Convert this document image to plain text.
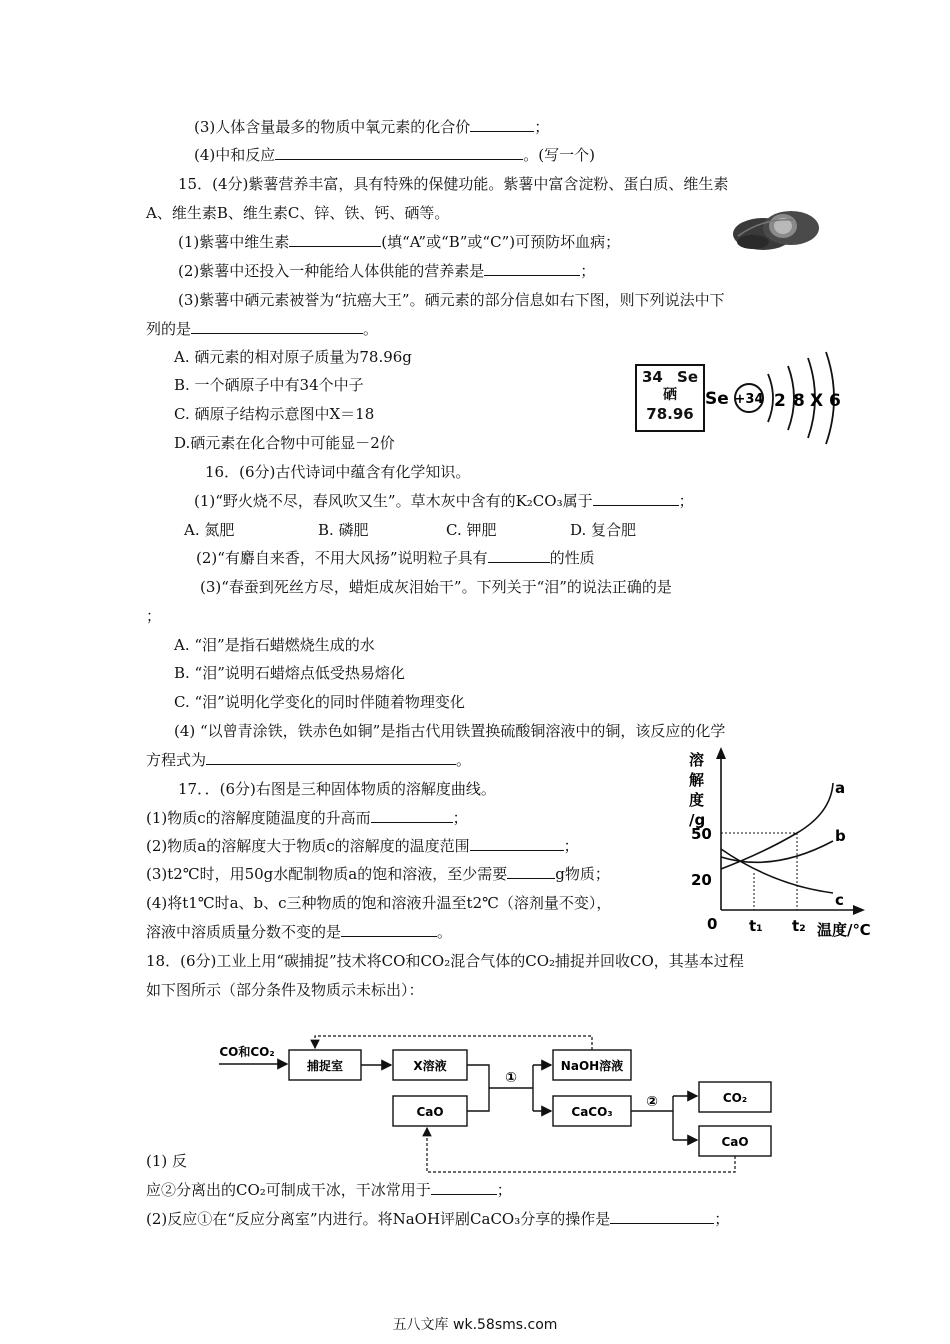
(3)人体含量最多的物质中氧元素的化合价	；
(4)中和反应	。(写一个)
15．(4分)紫薯营养丰富，具有特殊的保健功能。紫薯中富含淀粉、蛋白质、维生素
A、维生素B、维生素C、锌、铁、钙、硒等。
(1)紫薯中维生素	(填“A”或“B”或“C”)可预防坏血病；
(2)紫薯中还投入一种能给人体供能的营养素是	；
(3)紫薯中硒元素被誉为“抗癌大王”。硒元素的部分信息如右下图，则下列说法中下
列的是	。
A. 硒元素的相对原子质量为78.96g
B. 一个硒原子中有34个中子
C. 硒原子结构示意图中X＝18
D.硒元素在化合物中可能显－2价
34 Se
硒
78.96
Se +34 2 8 X 6
16．(6分)古代诗词中蕴含有化学知识。
(1)“野火烧不尽，春风吹又生”。草木灰中含有的K₂CO₃属于	；
A. 氮肥	B. 磷肥	C. 钾肥	D. 复合肥
(2)“有麝自来香，不用大风扬”说明粒子具有	的性质
(3)“春蚕到死丝方尽，蜡炬成灰泪始干”。下列关于“泪”的说法正确的是
；
A. “泪”是指石蜡燃烧生成的水
B. “泪”说明石蜡熔点低受热易熔化
C. “泪”说明化学变化的同时伴随着物理变化
(4) “以曾青涂铁，铁赤色如铜”是指古代用铁置换硫酸铜溶液中的铜，该反应的化学
方程式为	。
17．．(6分)右图是三种固体物质的溶解度曲线。
(1)物质c的溶解度随温度的升高而	；
(2)物质a的溶解度大于物质c的溶解度的温度范围	；
(3)t2℃时，用50g水配制物质a的饱和溶液，至少需要	g物质；
(4)将t1℃时a、b、c三种物质的饱和溶液升温至t2℃（溶剂量不变），
溶液中溶质质量分数不变的是	。
溶
解
度
/g
a
b
c
50
20
0 t₁ t₂ 温度/℃
18．(6分)工业上用“碳捕捉”技术将CO和CO₂混合气体的CO₂捕捉并回收CO，其基本过程
如下图所示（部分条件及物质示未标出）：
CO和CO₂
捕捉室	X溶液
CaO
①
NaOH溶液
CaCO₃
②	CO₂
CaO
(1) 反
应②分离出的CO₂可制成干冰，干冰常用于	；
(2)反应①在“反应分离室”内进行。将NaOH评剧CaCO₃分享的操作是	；
五八文库 wk.58sms.com
